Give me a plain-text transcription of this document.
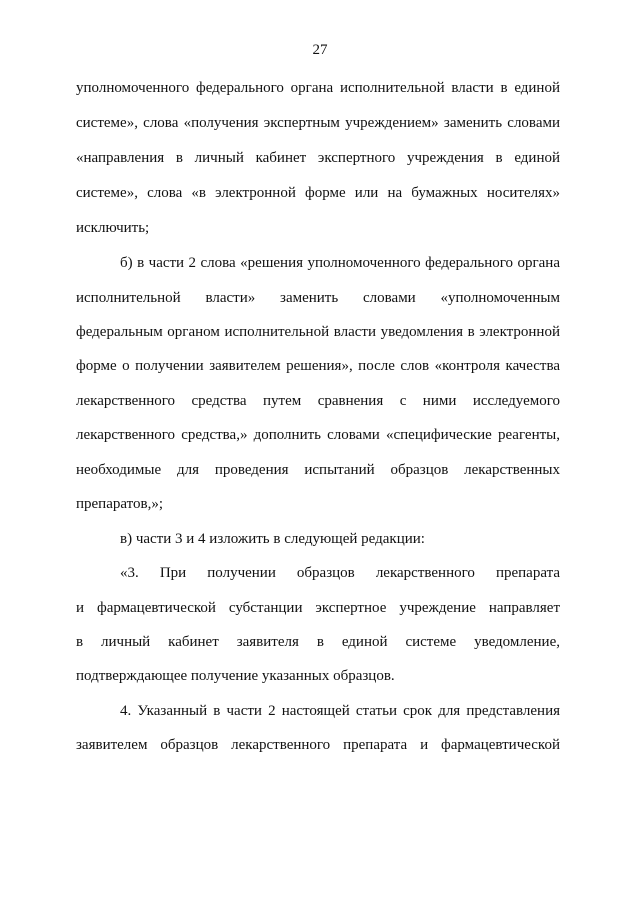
27
уполномоченного федерального органа исполнительной власти в единой
системе», слова «получения экспертным учреждением» заменить словами
«направления в личный кабинет экспертного учреждения в единой
системе», слова «в электронной форме или на бумажных носителях»
исключить;
б) в части 2 слова «решения уполномоченного федерального органа
исполнительной власти» заменить словами «уполномоченным
федеральным органом исполнительной власти уведомления в электронной
форме о получении заявителем решения», после слов «контроля качества
лекарственного средства путем сравнения с ними исследуемого
лекарственного средства,» дополнить словами «специфические реагенты,
необходимые для проведения испытаний образцов лекарственных
препаратов,»;
в) части 3 и 4 изложить в следующей редакции:
«3. При получении образцов лекарственного препарата
и фармацевтической субстанции экспертное учреждение направляет
в личный кабинет заявителя в единой системе уведомление,
подтверждающее получение указанных образцов.
4. Указанный в части 2 настоящей статьи срок для представления
заявителем образцов лекарственного препарата и фармацевтической
